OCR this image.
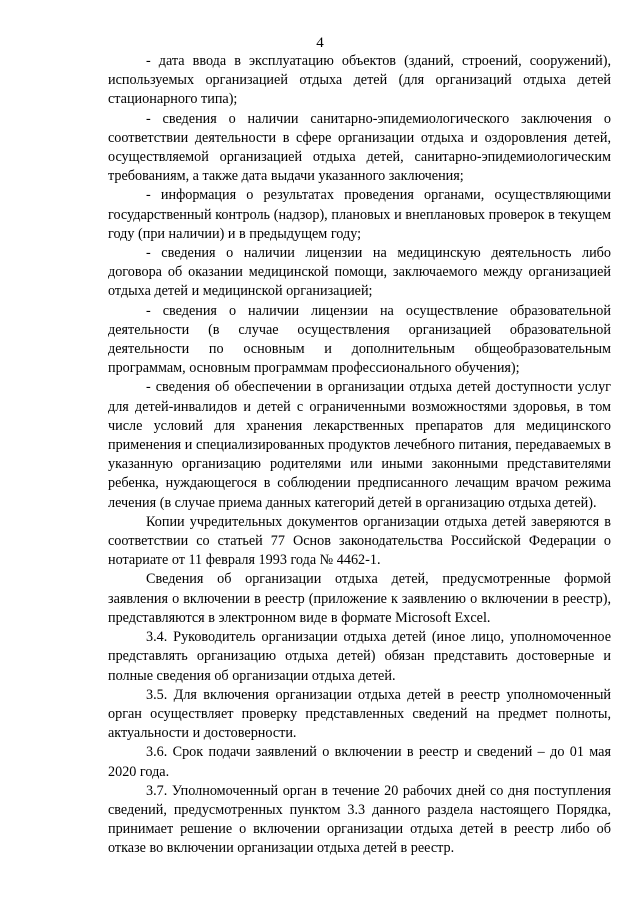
4

- дата ввода в эксплуатацию объектов (зданий, строений, сооружений), используемых организацией отдыха детей (для организаций отдыха детей стационарного типа);

- сведения о наличии санитарно-эпидемиологического заключения о соответствии деятельности в сфере организации отдыха и оздоровления детей, осуществляемой организацией отдыха детей, санитарно-эпидемиологическим требованиям, а также дата выдачи указанного заключения;

- информация о результатах проведения органами, осуществляющими государственный контроль (надзор), плановых и внеплановых проверок в текущем году (при наличии) и в предыдущем году;

- сведения о наличии лицензии на медицинскую деятельность либо договора об оказании медицинской помощи, заключаемого между организацией отдыха детей и медицинской организацией;

- сведения о наличии лицензии на осуществление образовательной деятельности (в случае осуществления организацией образовательной деятельности по основным и дополнительным общеобразовательным программам, основным программам профессионального обучения);

- сведения об обеспечении в организации отдыха детей доступности услуг для детей-инвалидов и детей с ограниченными возможностями здоровья, в том числе условий для хранения лекарственных препаратов для медицинского применения и специализированных продуктов лечебного питания, передаваемых в указанную организацию родителями или иными законными представителями ребенка, нуждающегося в соблюдении предписанного лечащим врачом режима лечения (в случае приема данных категорий детей в организацию отдыха детей).

Копии учредительных документов организации отдыха детей заверяются в соответствии со статьей 77 Основ законодательства Российской Федерации о нотариате от 11 февраля 1993 года № 4462-1.

Сведения об организации отдыха детей, предусмотренные формой заявления о включении в реестр (приложение к заявлению о включении в реестр), представляются в электронном виде в формате Microsoft Excel.

3.4. Руководитель организации отдыха детей (иное лицо, уполномоченное представлять организацию отдыха детей) обязан представить достоверные и полные сведения об организации отдыха детей.

3.5. Для включения организации отдыха детей в реестр уполномоченный орган осуществляет проверку представленных сведений на предмет полноты, актуальности и достоверности.

3.6. Срок подачи заявлений о включении в реестр и сведений – до 01 мая 2020 года.

3.7. Уполномоченный орган в течение 20 рабочих дней со дня поступления сведений, предусмотренных пунктом 3.3 данного раздела настоящего Порядка, принимает решение о включении организации отдыха детей в реестр либо об отказе во включении организации отдыха детей в реестр.
